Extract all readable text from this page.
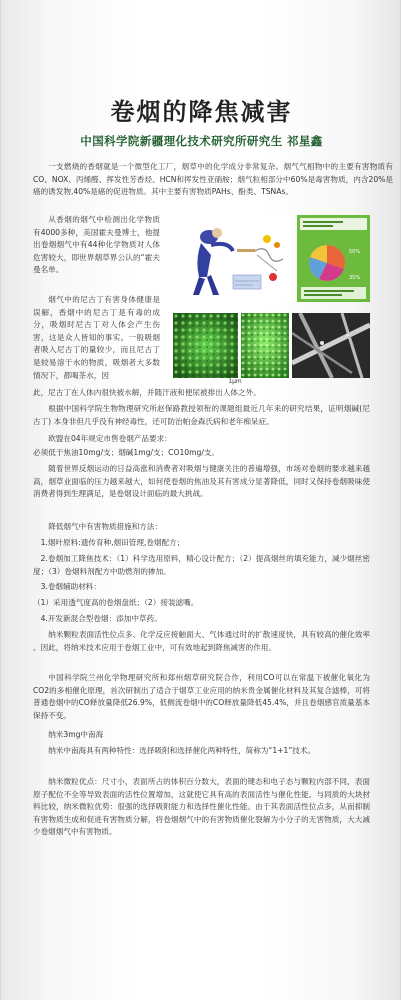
卷烟的降焦减害
中国科学院新疆理化技术研究所研究生 祁星鑫

一支燃烧的香烟就是一个微型化工厂，烟草中的化学成分非常复杂。烟气气相物中的主要有害物质有CO、NOX、丙烯醛、挥发性芳香烃、HCN和挥发性亚硝胺；烟气粒相部分中60%是毒害物质，内含20%是癌的诱发物,40%是癌的促进物质。其中主要有害物质PAHs、酚类、TSNAs。

从香烟的烟气中检测出化学物质有4000多种，美国霍夫曼博士，他提出卷烟烟气中有44种化学物质对人体危害较大，即世界烟草界公认的“霍夫曼名单。

烟气中的尼古丁有害身体健康是误解，香烟中的尼古丁是有毒的成分，吸烟时尼古丁对人体会产生伤害，这是众人皆知的事实。一般吸烟者吸入尼古丁的量较少，而且尼古丁是较易溶于水的物质，吸烟者大多数情况下，都喝茶水，因

50%
35%
1μm

此，尼古丁在人体内很快被水解，并随汗液和便尿被排出人体之外。

根据中国科学院生物物理研究所赵保路教授领衔的课题组最近几年来的研究结果，证明烟碱(尼古丁) 本身非但几乎没有神经毒性，还可防治帕金森氏病和老年痴呆症。

欧盟在04年规定市售卷烟产品要求：

必须低于焦油10mg/支；烟碱1mg/支；CO10mg/支。

随着世界反烟运动的日益高涨和消费者对吸烟与健康关注的普遍增强，市场对卷烟的要求越来越高，烟草业面临的压力越来越大，如何使卷烟的焦油及其有害成分显著降低，同时又保持卷烟吸味使消费者得到生理满足，是卷烟设计面临的最大挑战。

降低烟气中有害物质措施和方法：

1.烟叶原料:遗传育种,烟田管理,卷烟配方；

2.卷烟加工降焦技术：（1）科学选用原料，精心设计配方；（2）提高烟丝的填充能力，减少烟丝密度；（3）卷烟料剂配方中助燃剂的掺加。

3.卷烟辅助材料：

（1）采用透气度高的卷烟盘纸；（2）接装滤嘴。

4.开发新混合型卷烟：添加中草药。

纳米颗粒表面活性位点多、化学反应接触面大、气体通过时的扩散速度快，具有较高的催化效率 。因此，将纳米技术应用于卷烟工业中，可有效地起到降焦减害的作用。

中国科学院兰州化学物理研究所和郑州烟草研究院合作，利用CO可以在常温下被催化氧化为CO2的多相催化原理，首次研制出了适合于烟草工业应用的纳米贵金属催化材料及其复合滤棒，可将普通卷烟中的CO释放量降低26.9%，低侧流卷烟中的CO释放量降低45.4%，并且卷烟感官质量基本保持不变。

纳米3mg中南海

纳米中南海具有两种特性：选择吸附和选择催化两种特性，简称为“1+1”技术。

纳米微粒优点：尺寸小，表面所占的体积百分数大，表面的键态和电子态与颗粒内部不同，表面原子配位不全等导致表面的活性位置增加，这就使它具有高的表面活性与催化性能。与同质的大块材料比较，纳米微粒优势：很强的选择吸附能力和选择性催化性能。由于其表面活性位点多，从而抑制有害物质生成和促进有害物质分解，将卷烟烟气中的有害物质催化裂解为小分子的无害物质，大大减少卷烟烟气中有害物质。
